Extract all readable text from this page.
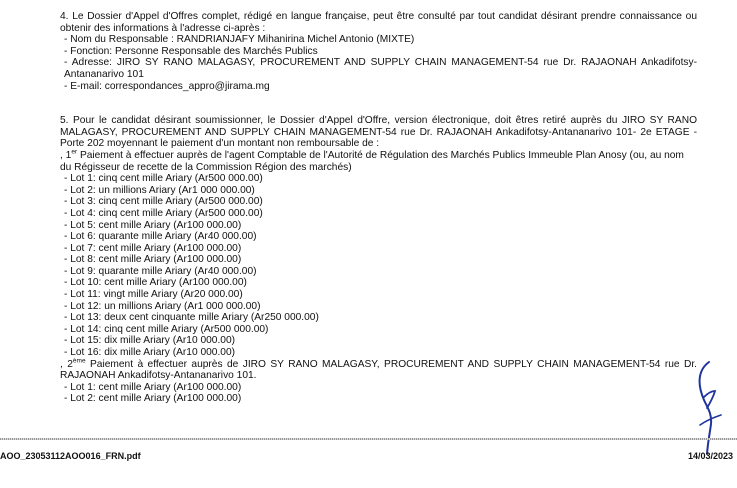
4. Le Dossier d'Appel d'Offres complet, rédigé en langue française, peut être consulté par tout candidat désirant prendre connaissance ou obtenir des informations à l'adresse ci-après :
- Nom du Responsable : RANDRIANJAFY Mihanirina Michel Antonio (MIXTE)
- Fonction: Personne Responsable des Marchés Publics
- Adresse: JIRO SY RANO MALAGASY, PROCUREMENT AND SUPPLY CHAIN MANAGEMENT-54 rue Dr. RAJAONAH Ankadifotsy-Antananarivo 101
- E-mail: correspondances_appro@jirama.mg
5. Pour le candidat désirant soumissionner, le Dossier d'Appel d'Offre, version électronique, doit êtres retiré auprès du JIRO SY RANO MALAGASY, PROCUREMENT AND SUPPLY CHAIN MANAGEMENT-54 rue Dr. RAJAONAH Ankadifotsy-Antananarivo 101- 2e ETAGE - Porte 202 moyennant le paiement d'un montant non remboursable de :
, 1er Paiement à effectuer auprès de l'agent Comptable de l'Autorité de Régulation des Marchés Publics Immeuble Plan Anosy (ou, au nom du Régisseur de recette de la Commission Région des marchés)
- Lot 1: cinq cent mille Ariary (Ar500 000.00)
- Lot 2: un millions Ariary (Ar1 000 000.00)
- Lot 3: cinq cent mille Ariary (Ar500 000.00)
- Lot 4: cinq cent mille Ariary (Ar500 000.00)
- Lot 5: cent mille Ariary (Ar100 000.00)
- Lot 6: quarante mille Ariary (Ar40 000.00)
- Lot 7: cent mille Ariary (Ar100 000.00)
- Lot 8: cent mille Ariary (Ar100 000.00)
- Lot 9: quarante mille Ariary (Ar40 000.00)
- Lot 10: cent mille Ariary (Ar100 000.00)
- Lot 11: vingt mille Ariary (Ar20 000.00)
- Lot 12: un millions Ariary (Ar1 000 000.00)
- Lot 13: deux cent cinquante mille Ariary (Ar250 000.00)
- Lot 14: cinq cent mille Ariary (Ar500 000.00)
- Lot 15: dix mille Ariary (Ar10 000.00)
- Lot 16: dix mille Ariary (Ar10 000.00)
, 2ème Paiement à effectuer auprès de JIRO SY RANO MALAGASY, PROCUREMENT AND SUPPLY CHAIN MANAGEMENT-54 rue Dr. RAJAONAH Ankadifotsy-Antananarivo 101.
- Lot 1: cent mille Ariary (Ar100 000.00)
- Lot 2: cent mille Ariary (Ar100 000.00)
AOO_23053112AOO016_FRN.pdf	14/03/2023
